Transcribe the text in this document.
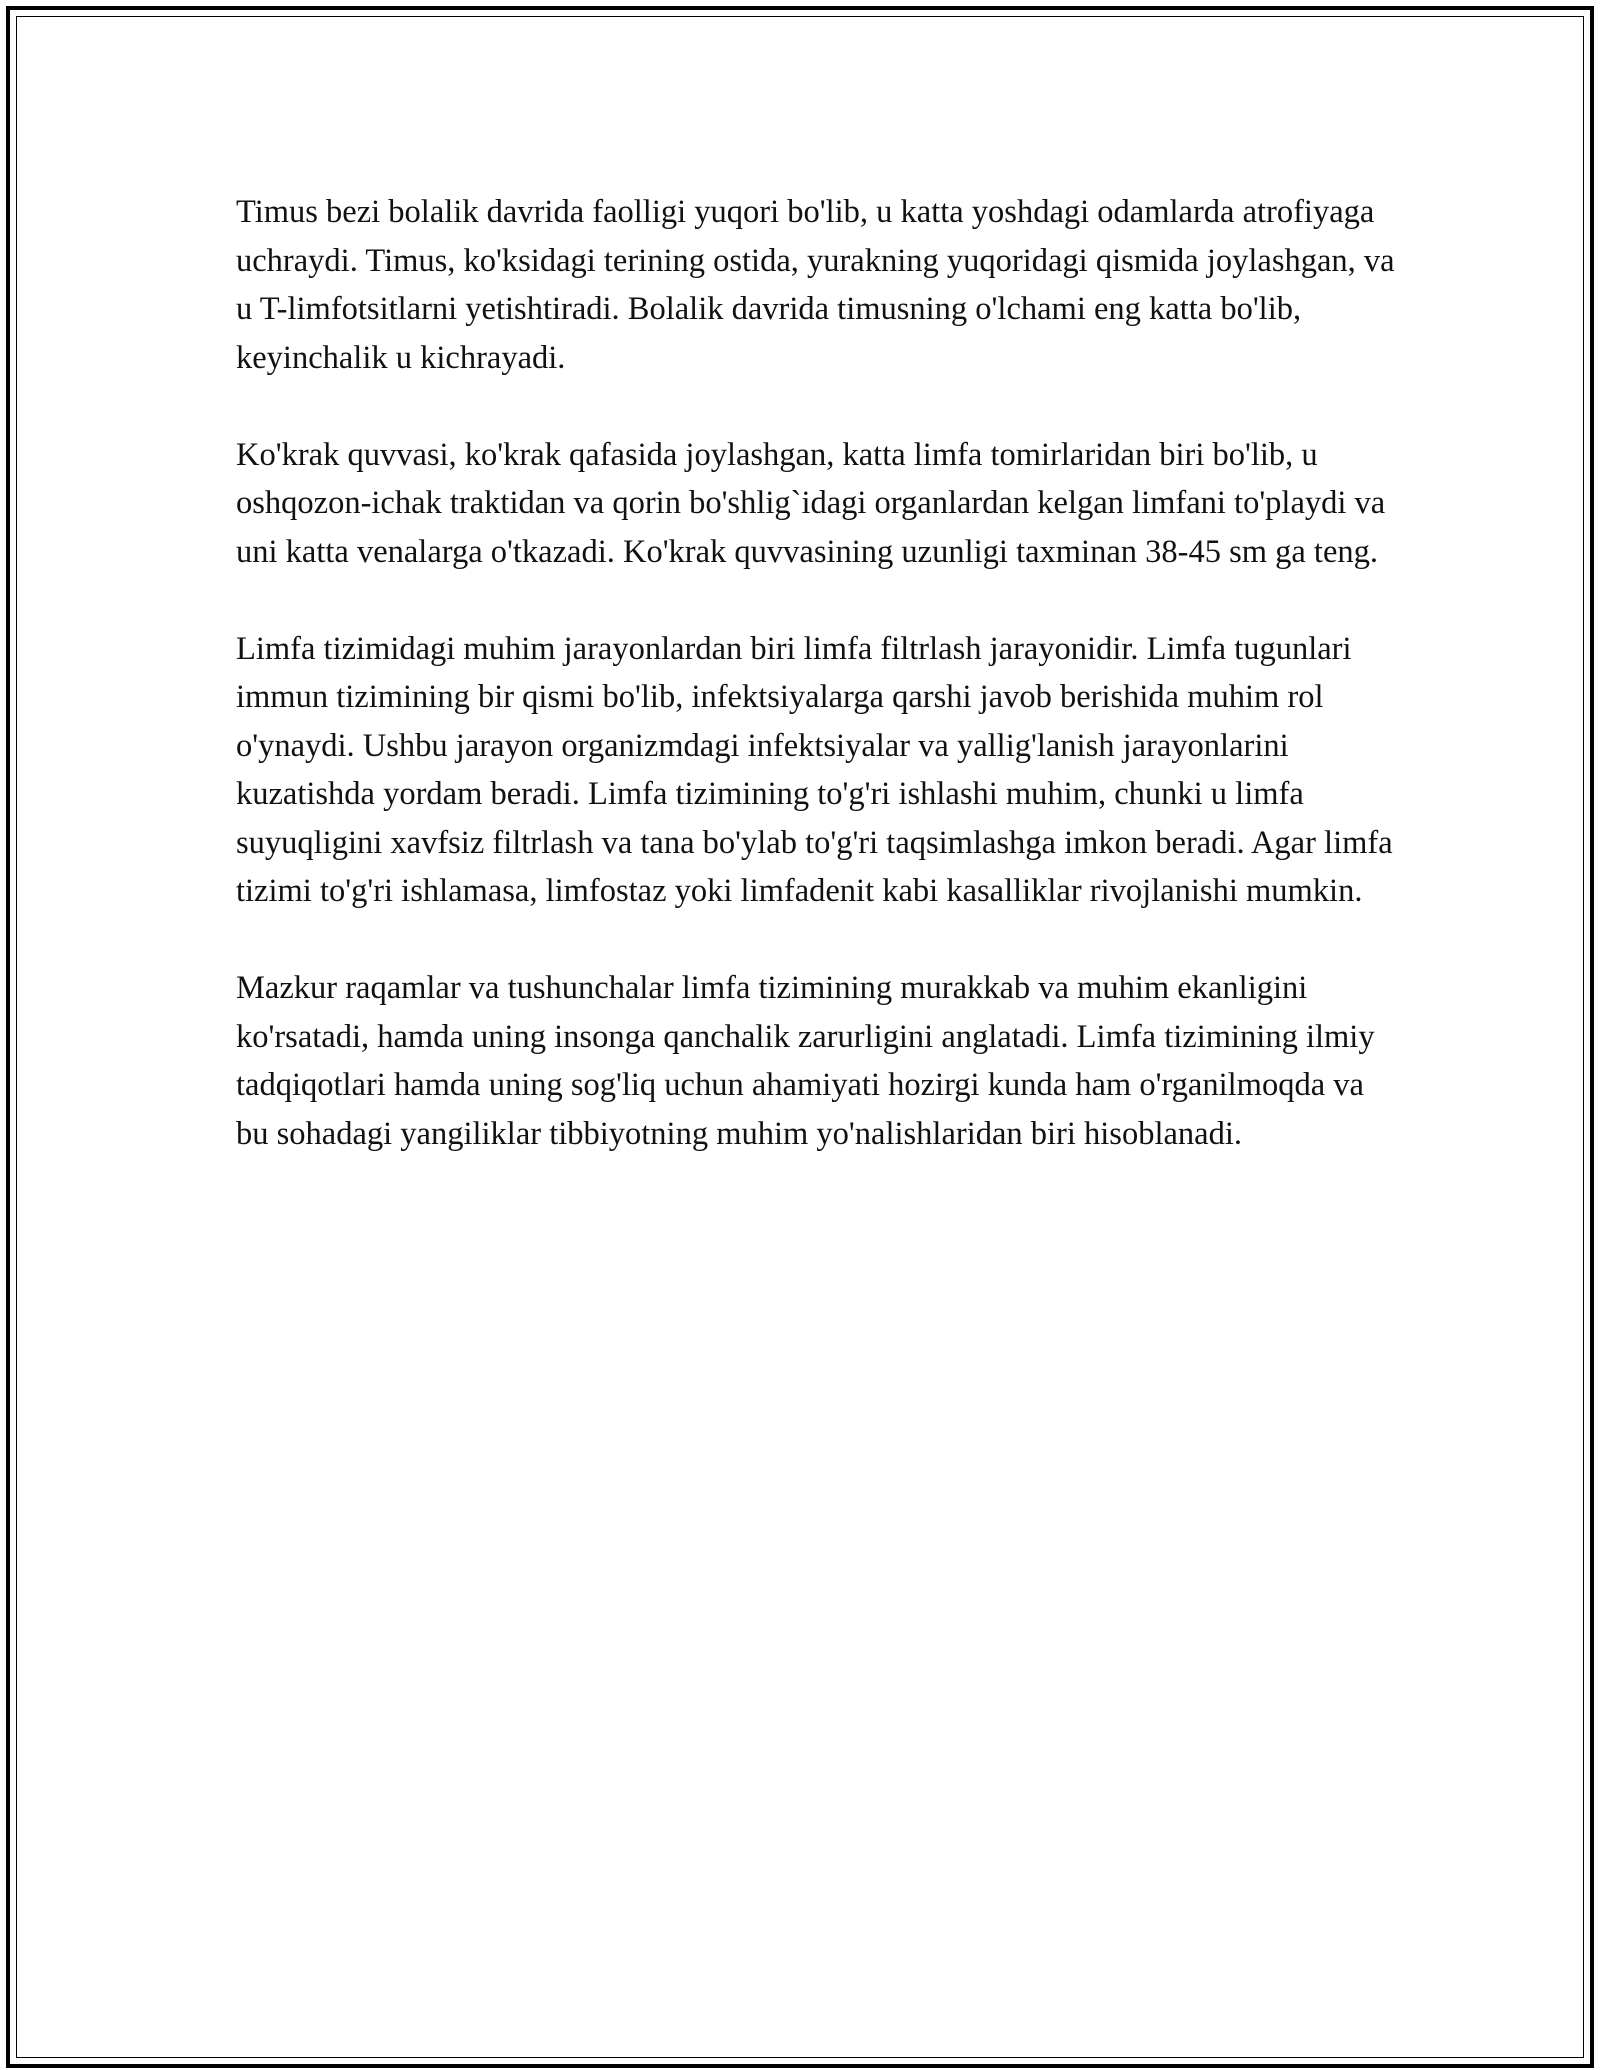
Timus bezi bolalik davrida faolligi yuqori bo'lib, u katta yoshdagi odamlarda atrofiyaga uchraydi. Timus, ko'ksidagi terining ostida, yurakning yuqoridagi qismida joylashgan, va u T-limfotsitlarni yetishtiradi. Bolalik davrida timusning o'lchami eng katta bo'lib, keyinchalik u kichrayadi.

Ko'krak quvvasi, ko'krak qafasida joylashgan, katta limfa tomirlaridan biri bo'lib, u oshqozon-ichak traktidan va qorin bo'shlig`idagi organlardan kelgan limfani to'playdi va uni katta venalarga o'tkazadi. Ko'krak quvvasining uzunligi taxminan 38-45 sm ga teng.

Limfa tizimidagi muhim jarayonlardan biri limfa filtrlash jarayonidir. Limfa tugunlari immun tizimining bir qismi bo'lib, infektsiyalarga qarshi javob berishida muhim rol o'ynaydi. Ushbu jarayon organizmdagi infektsiyalar va yallig'lanish jarayonlarini kuzatishda yordam beradi. Limfa tizimining to'g'ri ishlashi muhim, chunki u limfa suyuqligini xavfsiz filtrlash va tana bo'ylab to'g'ri taqsimlashga imkon beradi. Agar limfa tizimi to'g'ri ishlamasa, limfostaz yoki limfadenit kabi kasalliklar rivojlanishi mumkin.

Mazkur raqamlar va tushunchalar limfa tizimining murakkab va muhim ekanligini ko'rsatadi, hamda uning insonga qanchalik zarurligini anglatadi. Limfa tizimining ilmiy tadqiqotlari hamda uning sog'liq uchun ahamiyati hozirgi kunda ham o'rganilmoqda va bu sohadagi yangiliklar tibbiyotning muhim yo'nalishlaridan biri hisoblanadi.
